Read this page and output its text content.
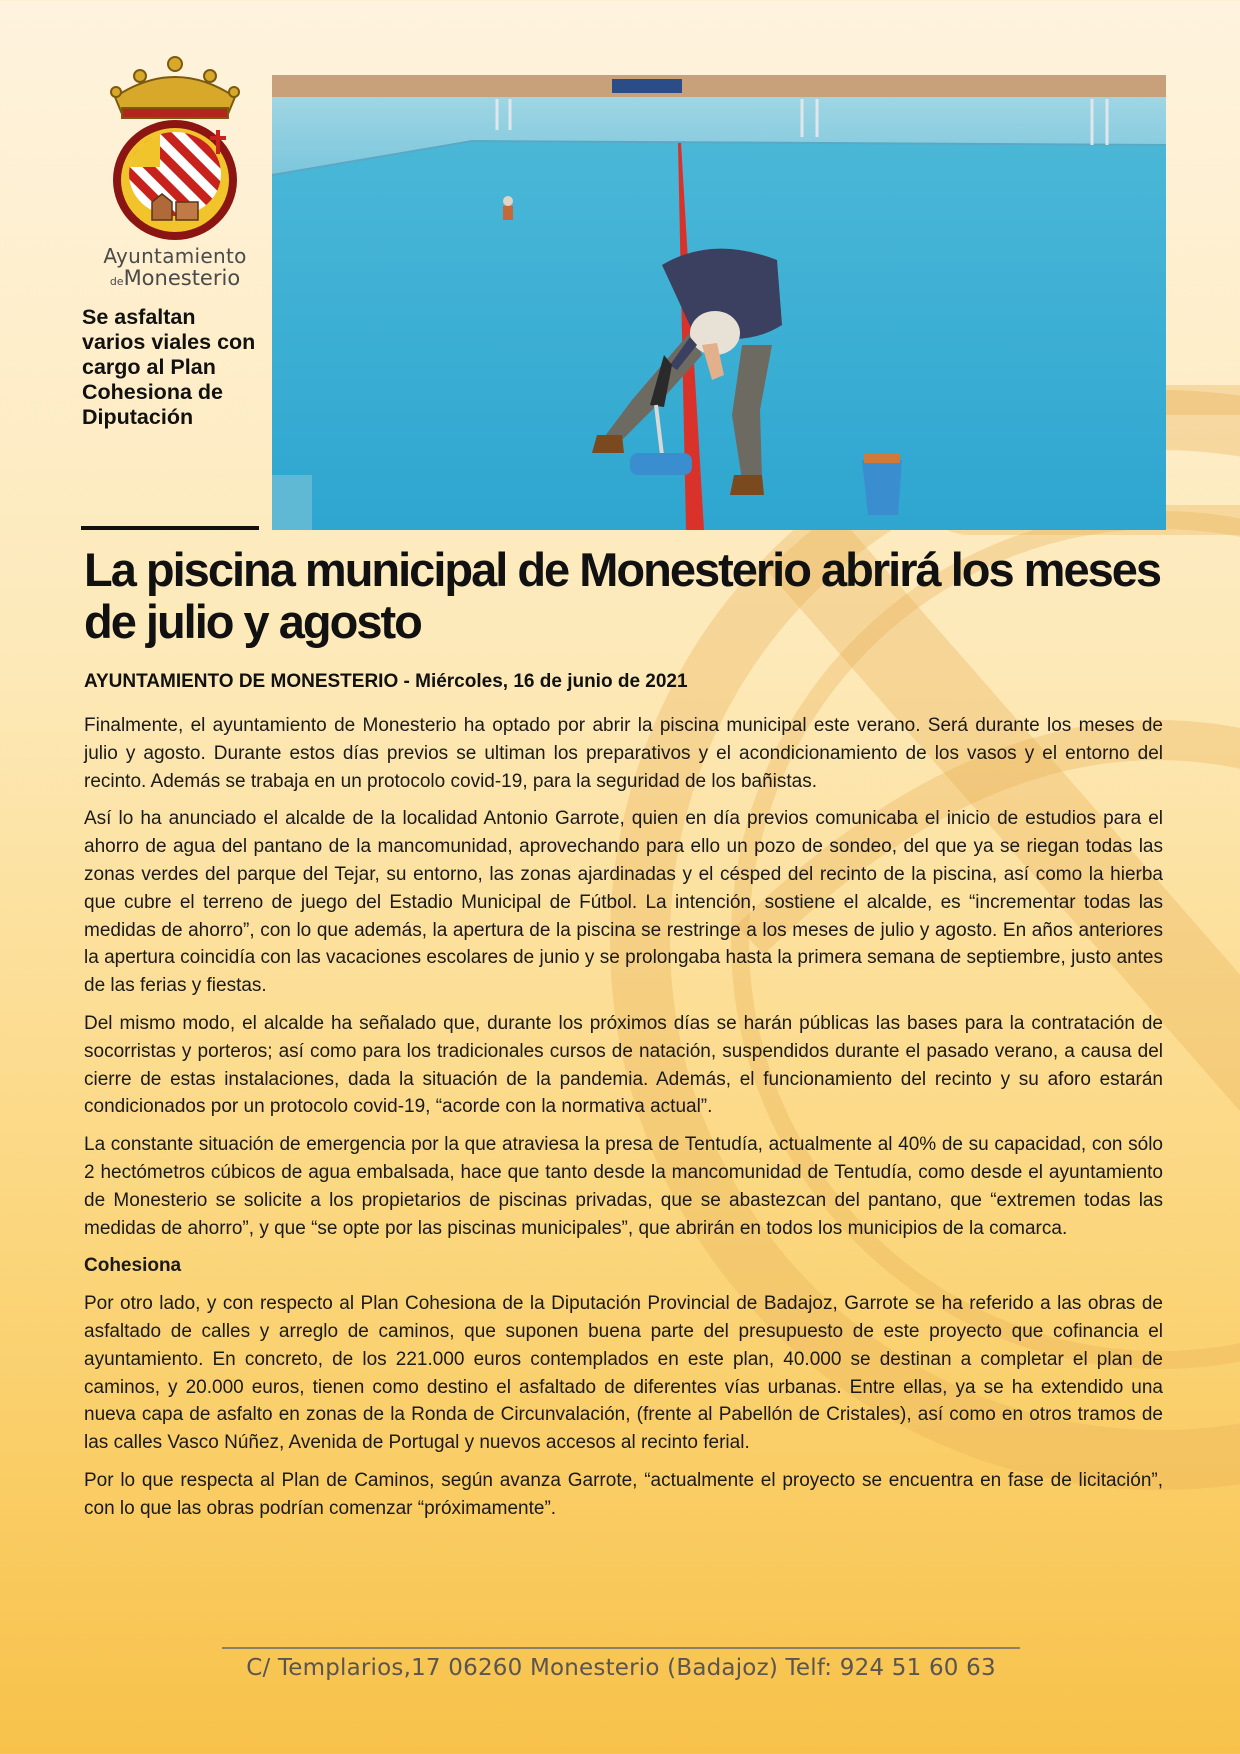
Ayuntamiento
deMonesterio
Se asfaltan varios viales con cargo al Plan Cohesiona de Diputación
La piscina municipal de Monesterio abrirá los meses de julio y agosto
AYUNTAMIENTO DE MONESTERIO - Miércoles, 16 de junio de 2021

Finalmente, el ayuntamiento de Monesterio ha optado por abrir la piscina municipal este verano. Será durante los meses de julio y agosto. Durante estos días previos se ultiman los preparativos y el acondicionamiento de los vasos y el entorno del recinto. Además se trabaja en un protocolo covid-19, para la seguridad de los bañistas.

Así lo ha anunciado el alcalde de la localidad Antonio Garrote, quien en día previos comunicaba el inicio de estudios para el ahorro de agua del pantano de la mancomunidad, aprovechando para ello un pozo de sondeo, del que ya se riegan todas las zonas verdes del parque del Tejar, su entorno, las zonas ajardinadas y el césped del recinto de la piscina, así como la hierba que cubre el terreno de juego del Estadio Municipal de Fútbol. La intención, sostiene el alcalde, es “incrementar todas las medidas de ahorro”, con lo que además, la apertura de la piscina se restringe a los meses de julio y agosto. En años anteriores la apertura coincidía con las vacaciones escolares de junio y se prolongaba hasta la primera semana de septiembre, justo antes de las ferias y fiestas.

Del mismo modo, el alcalde ha señalado que, durante los próximos días se harán públicas las bases para la contratación de socorristas y porteros; así como para los tradicionales cursos de natación, suspendidos durante el pasado verano, a causa del cierre de estas instalaciones, dada la situación de la pandemia. Además, el funcionamiento del recinto y su aforo estarán condicionados por un protocolo covid-19, “acorde con la normativa actual”.

La constante situación de emergencia por la que atraviesa la presa de Tentudía, actualmente al 40% de su capacidad, con sólo 2 hectómetros cúbicos de agua embalsada, hace que tanto desde la mancomunidad de Tentudía, como desde el ayuntamiento de Monesterio se solicite a los propietarios de piscinas privadas, que se abastezcan del pantano, que “extremen todas las medidas de ahorro”, y que “se opte por las piscinas municipales”, que abrirán en todos los municipios de la comarca.

Cohesiona

Por otro lado, y con respecto al Plan Cohesiona de la Diputación Provincial de Badajoz, Garrote se ha referido a las obras de asfaltado de calles y arreglo de caminos, que suponen buena parte del presupuesto de este proyecto que cofinancia el ayuntamiento. En concreto, de los 221.000 euros contemplados en este plan, 40.000 se destinan a completar el plan de caminos, y 20.000 euros, tienen como destino el asfaltado de diferentes vías urbanas. Entre ellas, ya se ha extendido una nueva capa de asfalto en zonas de la Ronda de Circunvalación, (frente al Pabellón de Cristales), así como en otros tramos de las calles Vasco Núñez, Avenida de Portugal y nuevos accesos al recinto ferial.

Por lo que respecta al Plan de Caminos, según avanza Garrote, “actualmente el proyecto se encuentra en fase de licitación”, con lo que las obras podrían comenzar “próximamente”.

C/ Templarios,17 06260 Monesterio (Badajoz) Telf: 924 51 60 63
